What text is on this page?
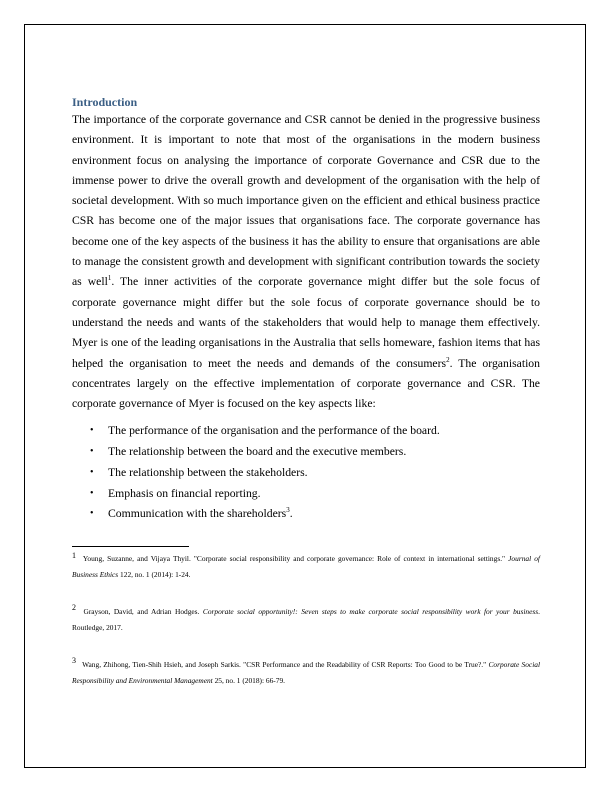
Introduction

The importance of the corporate governance and CSR cannot be denied in the progressive business environment. It is important to note that most of the organisations in the modern business environment focus on analysing the importance of corporate Governance and CSR due to the immense power to drive the overall growth and development of the organisation with the help of societal development. With so much importance given on the efficient and ethical business practice CSR has become one of the major issues that organisations face. The corporate governance has become one of the key aspects of the business it has the ability to ensure that organisations are able to manage the consistent growth and development with significant contribution towards the society as well$^1$. The inner activities of the corporate governance might differ but the sole focus of corporate governance might differ but the sole focus of corporate governance should be to understand the needs and wants of the stakeholders that would help to manage them effectively. Myer is one of the leading organisations in the Australia that sells homeware, fashion items that has helped the organisation to meet the needs and demands of the consumers$^2$. The organisation concentrates largely on the effective implementation of corporate governance and CSR. The corporate governance of Myer is focused on the key aspects like:

• The performance of the organisation and the performance of the board.
• The relationship between the board and the executive members.
• The relationship between the stakeholders.
• Emphasis on financial reporting.
• Communication with the shareholders$^3$.

1 Young, Suzanne, and Vijaya Thyil. "Corporate social responsibility and corporate governance: Role of context in international settings." Journal of Business Ethics 122, no. 1 (2014): 1-24.

2 Grayson, David, and Adrian Hodges. Corporate social opportunity!: Seven steps to make corporate social responsibility work for your business. Routledge, 2017.

3 Wang, Zhihong, Tien‐Shih Hsieh, and Joseph Sarkis. "CSR Performance and the Readability of CSR Reports: Too Good to be True?." Corporate Social Responsibility and Environmental Management 25, no. 1 (2018): 66-79.
